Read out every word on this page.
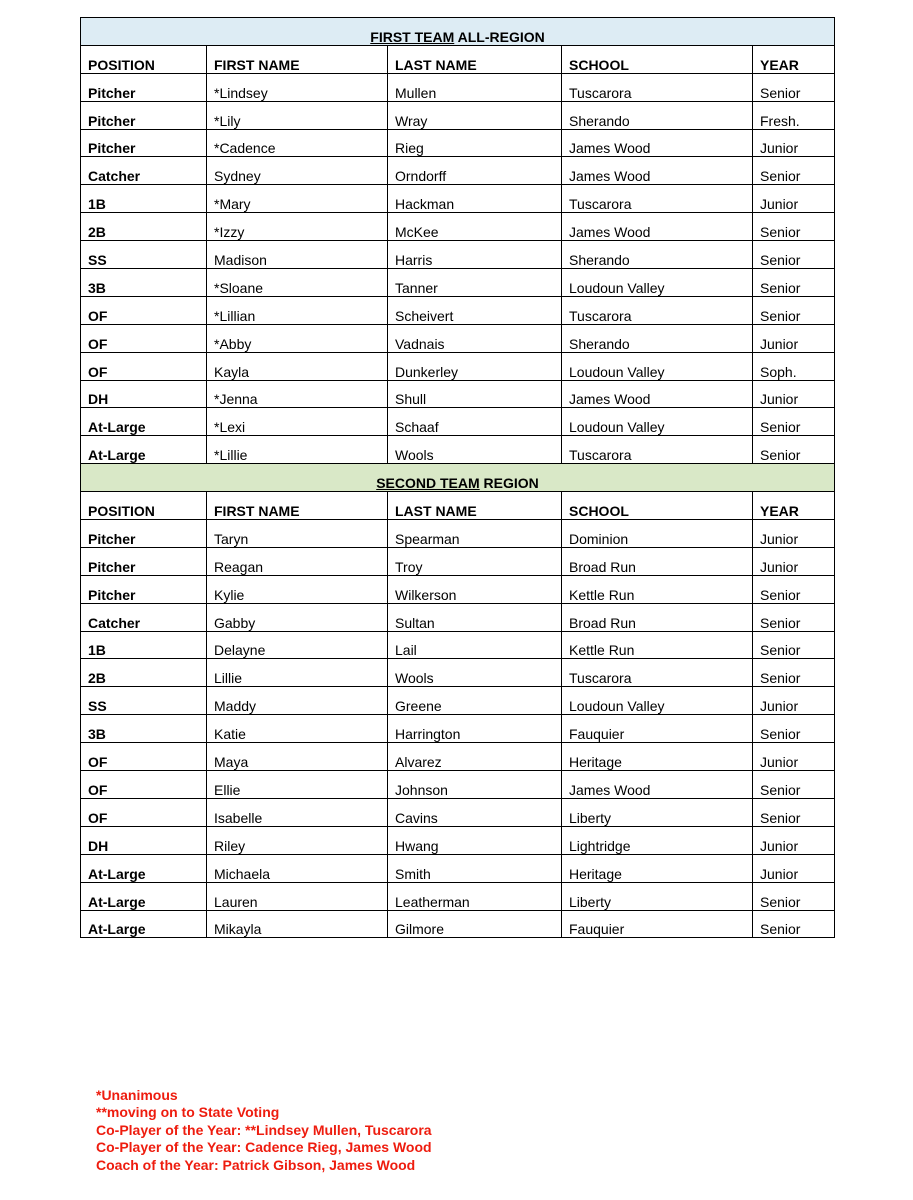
FIRST TEAM ALL-REGION				
POSITION	FIRST NAME	LAST NAME	SCHOOL	YEAR
Pitcher	*Lindsey	Mullen	Tuscarora	Senior
Pitcher	*Lily	Wray	Sherando	Fresh.
Pitcher	*Cadence	Rieg	James Wood	Junior
Catcher	Sydney	Orndorff	James Wood	Senior
1B	*Mary	Hackman	Tuscarora	Junior
2B	*Izzy	McKee	James Wood	Senior
SS	Madison	Harris	Sherando	Senior
3B	*Sloane	Tanner	Loudoun Valley	Senior
OF	*Lillian	Scheivert	Tuscarora	Senior
OF	*Abby	Vadnais	Sherando	Junior
OF	Kayla	Dunkerley	Loudoun Valley	Soph.
DH	*Jenna	Shull	James Wood	Junior
At-Large	*Lexi	Schaaf	Loudoun Valley	Senior
At-Large	*Lillie	Wools	Tuscarora	Senior
SECOND TEAM REGION				
POSITION	FIRST NAME	LAST NAME	SCHOOL	YEAR
Pitcher	Taryn	Spearman	Dominion	Junior
Pitcher	Reagan	Troy	Broad Run	Junior
Pitcher	Kylie	Wilkerson	Kettle Run	Senior
Catcher	Gabby	Sultan	Broad Run	Senior
1B	Delayne	Lail	Kettle Run	Senior
2B	Lillie	Wools	Tuscarora	Senior
SS	Maddy	Greene	Loudoun Valley	Junior
3B	Katie	Harrington	Fauquier	Senior
OF	Maya	Alvarez	Heritage	Junior
OF	Ellie	Johnson	James Wood	Senior
OF	Isabelle	Cavins	Liberty	Senior
DH	Riley	Hwang	Lightridge	Junior
At-Large	Michaela	Smith	Heritage	Junior
At-Large	Lauren	Leatherman	Liberty	Senior
At-Large	Mikayla	Gilmore	Fauquier	Senior
*Unanimous
**moving on to State Voting
Co-Player of the Year: **Lindsey Mullen, Tuscarora
Co-Player of the Year: Cadence Rieg, James Wood
Coach of the Year: Patrick Gibson, James Wood
